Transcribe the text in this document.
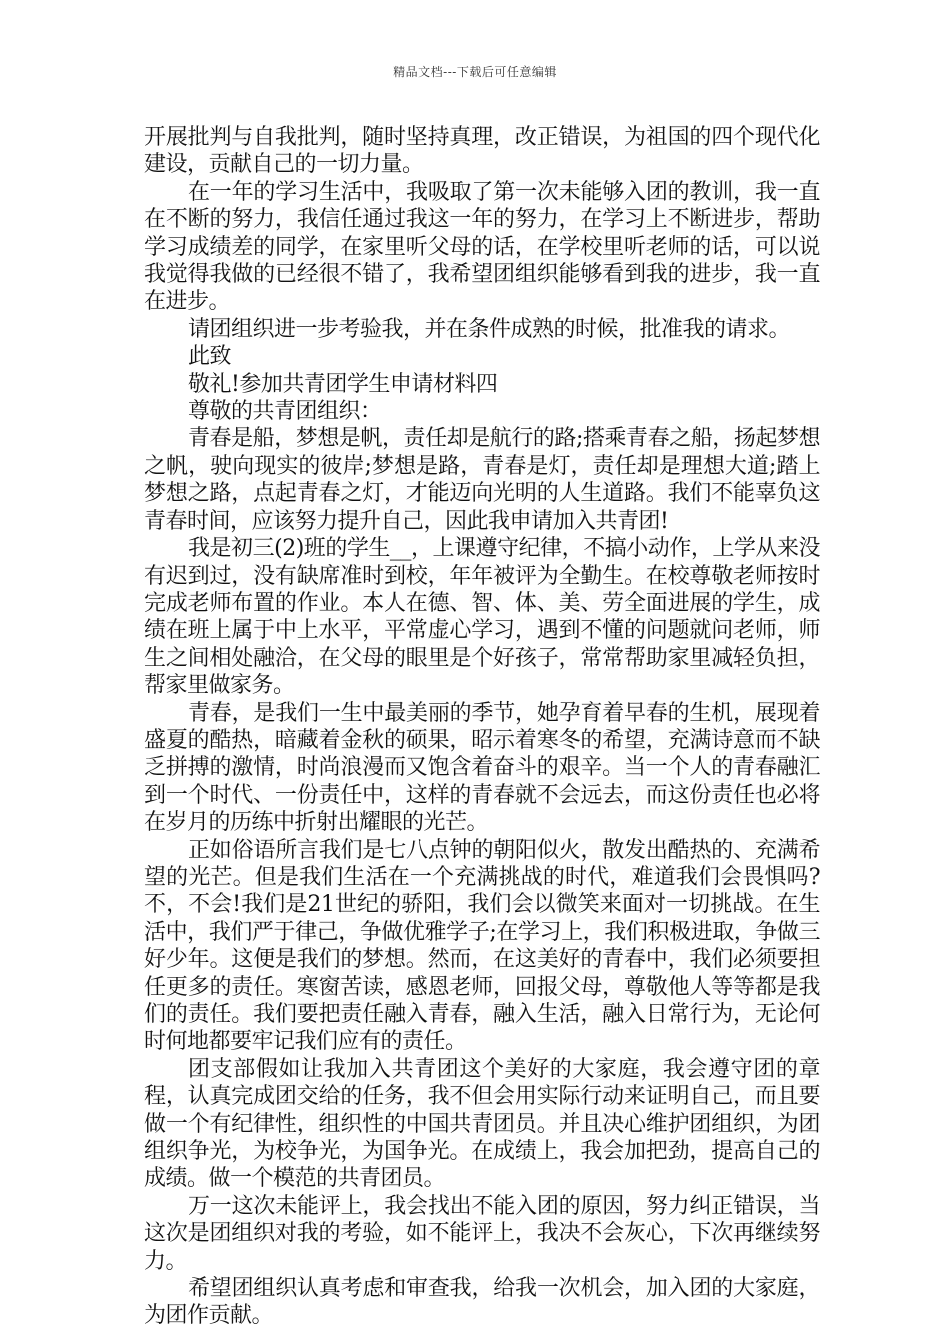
精品文档---下载后可任意编辑

开展批判与自我批判，随时坚持真理，改正错误，为祖国的四个现代化建设，贡献自己的一切力量。

在一年的学习生活中，我吸取了第一次未能够入团的教训，我一直在不断的努力，我信任通过我这一年的努力，在学习上不断进步，帮助学习成绩差的同学，在家里听父母的话，在学校里听老师的话，可以说我觉得我做的已经很不错了，我希望团组织能够看到我的进步，我一直在进步。

请团组织进一步考验我，并在条件成熟的时候，批准我的请求。

此致

敬礼!参加共青团学生申请材料四

尊敬的共青团组织：

青春是船，梦想是帆，责任却是航行的路;搭乘青春之船，扬起梦想之帆，驶向现实的彼岸;梦想是路，青春是灯，责任却是理想大道;踏上梦想之路，点起青春之灯，才能迈向光明的人生道路。我们不能辜负这青春时间，应该努力提升自己，因此我申请加入共青团!

我是初三(2)班的学生__，上课遵守纪律，不搞小动作，上学从来没有迟到过，没有缺席准时到校，年年被评为全勤生。在校尊敬老师按时完成老师布置的作业。本人在德、智、体、美、劳全面进展的学生，成绩在班上属于中上水平，平常虚心学习，遇到不懂的问题就问老师，师生之间相处融洽，在父母的眼里是个好孩子，常常帮助家里减轻负担，帮家里做家务。

青春，是我们一生中最美丽的季节，她孕育着早春的生机，展现着盛夏的酷热，暗藏着金秋的硕果，昭示着寒冬的希望，充满诗意而不缺乏拼搏的激情，时尚浪漫而又饱含着奋斗的艰辛。当一个人的青春融汇到一个时代、一份责任中，这样的青春就不会远去，而这份责任也必将在岁月的历练中折射出耀眼的光芒。

正如俗语所言我们是七八点钟的朝阳似火，散发出酷热的、充满希望的光芒。但是我们生活在一个充满挑战的时代，难道我们会畏惧吗?不，不会!我们是21世纪的骄阳，我们会以微笑来面对一切挑战。在生活中，我们严于律己，争做优雅学子;在学习上，我们积极进取，争做三好少年。这便是我们的梦想。然而，在这美好的青春中，我们必须要担任更多的责任。寒窗苦读，感恩老师，回报父母，尊敬他人等等都是我们的责任。我们要把责任融入青春，融入生活，融入日常行为，无论何时何地都要牢记我们应有的责任。

团支部假如让我加入共青团这个美好的大家庭，我会遵守团的章程，认真完成团交给的任务，我不但会用实际行动来证明自己，而且要做一个有纪律性，组织性的中国共青团员。并且决心维护团组织，为团组织争光，为校争光，为国争光。在成绩上，我会加把劲，提高自己的成绩。做一个模范的共青团员。

万一这次未能评上，我会找出不能入团的原因，努力纠正错误，当这次是团组织对我的考验，如不能评上，我决不会灰心，下次再继续努力。

希望团组织认真考虑和审查我，给我一次机会，加入团的大家庭，为团作贡献。
